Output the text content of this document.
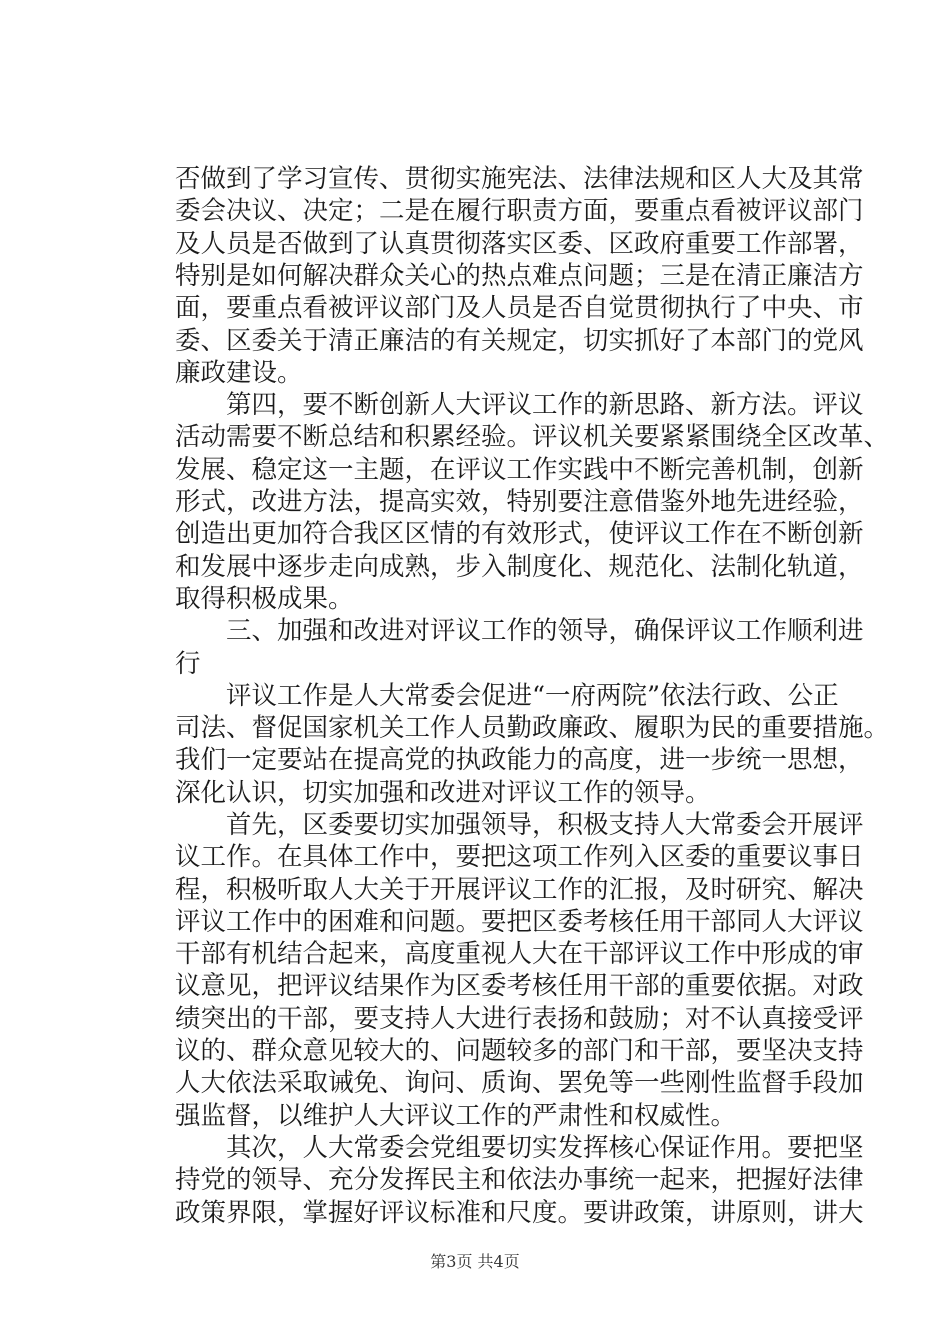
否做到了学习宣传、贯彻实施宪法、法律法规和区人大及其常
委会决议、决定；二是在履行职责方面，要重点看被评议部门
及人员是否做到了认真贯彻落实区委、区政府重要工作部署，
特别是如何解决群众关心的热点难点问题；三是在清正廉洁方
面，要重点看被评议部门及人员是否自觉贯彻执行了中央、市
委、区委关于清正廉洁的有关规定，切实抓好了本部门的党风
廉政建设。
　　第四，要不断创新人大评议工作的新思路、新方法。评议
活动需要不断总结和积累经验。评议机关要紧紧围绕全区改革、
发展、稳定这一主题，在评议工作实践中不断完善机制，创新
形式，改进方法，提高实效，特别要注意借鉴外地先进经验，
创造出更加符合我区区情的有效形式，使评议工作在不断创新
和发展中逐步走向成熟，步入制度化、规范化、法制化轨道，
取得积极成果。
　　三、加强和改进对评议工作的领导，确保评议工作顺利进
行
　　评议工作是人大常委会促进“一府两院”依法行政、公正
司法、督促国家机关工作人员勤政廉政、履职为民的重要措施。
我们一定要站在提高党的执政能力的高度，进一步统一思想，
深化认识，切实加强和改进对评议工作的领导。
　　首先，区委要切实加强领导，积极支持人大常委会开展评
议工作。在具体工作中，要把这项工作列入区委的重要议事日
程，积极听取人大关于开展评议工作的汇报，及时研究、解决
评议工作中的困难和问题。要把区委考核任用干部同人大评议
干部有机结合起来，高度重视人大在干部评议工作中形成的审
议意见，把评议结果作为区委考核任用干部的重要依据。对政
绩突出的干部，要支持人大进行表扬和鼓励；对不认真接受评
议的、群众意见较大的、问题较多的部门和干部，要坚决支持
人大依法采取诫免、询问、质询、罢免等一些刚性监督手段加
强监督，以维护人大评议工作的严肃性和权威性。
　　其次，人大常委会党组要切实发挥核心保证作用。要把坚
持党的领导、充分发挥民主和依法办事统一起来，把握好法律
政策界限，掌握好评议标准和尺度。要讲政策，讲原则，讲大
第3页 共4页
